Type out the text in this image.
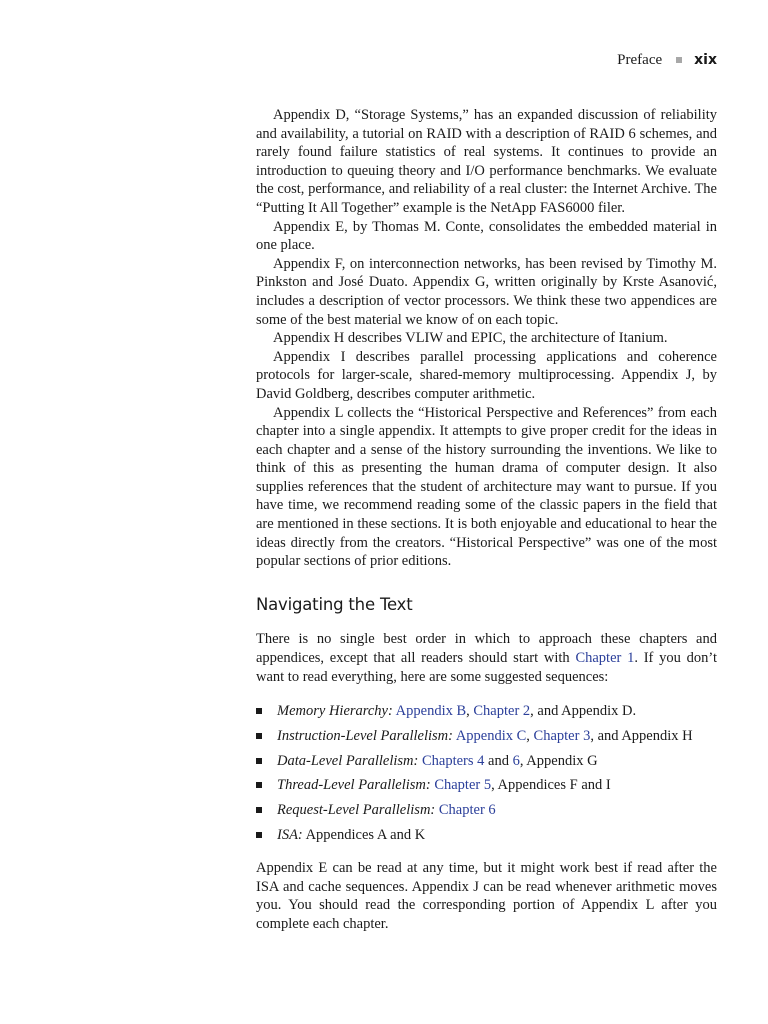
Preface xix

Appendix D, “Storage Systems,” has an expanded discussion of reliability and availability, a tutorial on RAID with a description of RAID 6 schemes, and rarely found failure statistics of real systems. It continues to provide an introduction to queuing theory and I/O performance benchmarks. We evaluate the cost, performance, and reliability of a real cluster: the Internet Archive. The “Putting It All Together” example is the NetApp FAS6000 filer.

Appendix E, by Thomas M. Conte, consolidates the embedded material in one place.

Appendix F, on interconnection networks, has been revised by Timothy M. Pinkston and José Duato. Appendix G, written originally by Krste Asanović, includes a description of vector processors. We think these two appendices are some of the best material we know of on each topic.

Appendix H describes VLIW and EPIC, the architecture of Itanium.

Appendix I describes parallel processing applications and coherence protocols for larger-scale, shared-memory multiprocessing. Appendix J, by David Goldberg, describes computer arithmetic.

Appendix L collects the “Historical Perspective and References” from each chapter into a single appendix. It attempts to give proper credit for the ideas in each chapter and a sense of the history surrounding the inventions. We like to think of this as presenting the human drama of computer design. It also supplies references that the student of architecture may want to pursue. If you have time, we recommend reading some of the classic papers in the field that are mentioned in these sections. It is both enjoyable and educational to hear the ideas directly from the creators. “Historical Perspective” was one of the most popular sections of prior editions.

Navigating the Text

There is no single best order in which to approach these chapters and appendices, except that all readers should start with Chapter 1. If you don’t want to read everything, here are some suggested sequences:

Memory Hierarchy: Appendix B, Chapter 2, and Appendix D.
Instruction-Level Parallelism: Appendix C, Chapter 3, and Appendix H
Data-Level Parallelism: Chapters 4 and 6, Appendix G
Thread-Level Parallelism: Chapter 5, Appendices F and I
Request-Level Parallelism: Chapter 6
ISA: Appendices A and K

Appendix E can be read at any time, but it might work best if read after the ISA and cache sequences. Appendix J can be read whenever arithmetic moves you. You should read the corresponding portion of Appendix L after you complete each chapter.
